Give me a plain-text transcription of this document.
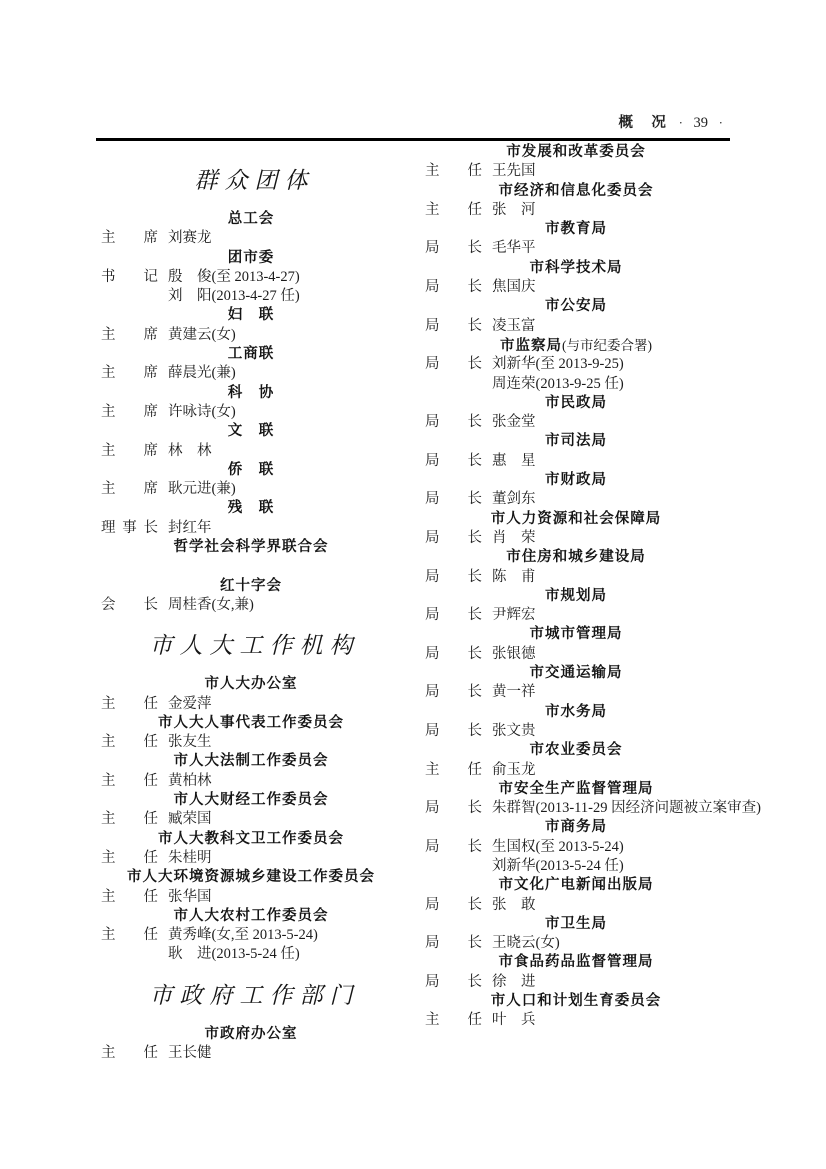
概　况 · 39 ·
群众团体
总工会
主 席 刘赛龙
团市委
书 记 殷　俊(至 2013-4-27)
刘　阳(2013-4-27 任)
妇　联
主 席 黄建云(女)
工商联
主 席 薛晨光(兼)
科　协
主 席 许咏诗(女)
文　联
主 席 林　林
侨　联
主 席 耿元进(兼)
残　联
理 事 长 封红年
哲学社会科学界联合会
红十字会
会 长 周桂香(女,兼)
市人大工作机构
市人大办公室
主 任 金爱萍
市人大人事代表工作委员会
主 任 张友生
市人大法制工作委员会
主 任 黄柏林
市人大财经工作委员会
主 任 臧荣国
市人大教科文卫工作委员会
主 任 朱桂明
市人大环境资源城乡建设工作委员会
主 任 张华国
市人大农村工作委员会
主 任 黄秀峰(女,至 2013-5-24)
耿　进(2013-5-24 任)
市政府工作部门
市政府办公室
主 任 王长健
市发展和改革委员会
主 任 王先国
市经济和信息化委员会
主 任 张　河
市教育局
局 长 毛华平
市科学技术局
局 长 焦国庆
市公安局
局 长 凌玉富
市监察局(与市纪委合署)
局 长 刘新华(至 2013-9-25)
周连荣(2013-9-25 任)
市民政局
局 长 张金堂
市司法局
局 长 惠　星
市财政局
局 长 董剑东
市人力资源和社会保障局
局 长 肖　荣
市住房和城乡建设局
局 长 陈　甫
市规划局
局 长 尹辉宏
市城市管理局
局 长 张银德
市交通运输局
局 长 黄一祥
市水务局
局 长 张文贵
市农业委员会
主 任 俞玉龙
市安全生产监督管理局
局 长 朱群智(2013-11-29 因经济问题被立案审查)
市商务局
局 长 生国权(至 2013-5-24)
刘新华(2013-5-24 任)
市文化广电新闻出版局
局 长 张　敢
市卫生局
局 长 王晓云(女)
市食品药品监督管理局
局 长 徐　进
市人口和计划生育委员会
主 任 叶　兵
